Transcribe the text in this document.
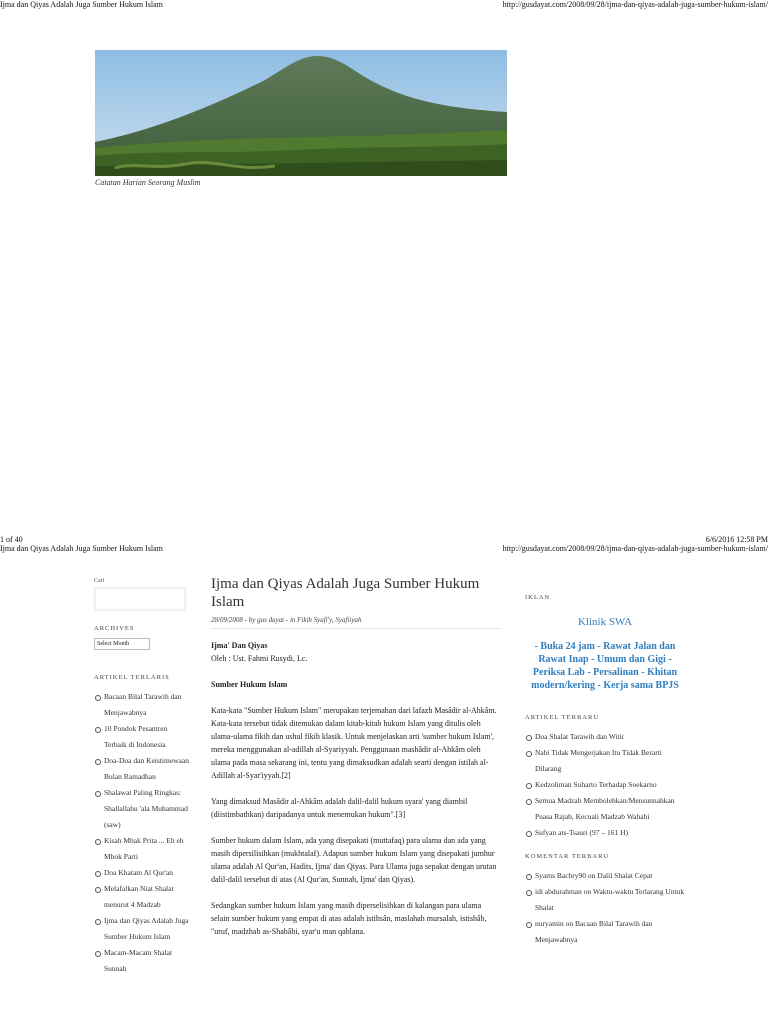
Ijma dan Qiyas Adalah Juga Sumber Hukum Islam	http://gusdayat.com/2008/09/28/ijma-dan-qiyas-adalah-juga-sumber-hukum-islam/
Catatan Harian Seorang Muslim
1 of 40	6/6/2016 12:58 PM
Ijma dan Qiyas Adalah Juga Sumber Hukum Islam	http://gusdayat.com/2008/09/28/ijma-dan-qiyas-adalah-juga-sumber-hukum-islam/
Cari
ARCHIVES
Select Month
ARTIKEL TERLARIS
Bacaan Bilal Tarawih dan Menjawabnya
10 Pondok Pesantren Terbaik di Indonesia
Doa-Doa dan Keistimewaan Bulan Ramadhan
Shalawat Paling Ringkas: Shallallahu 'ala Muhammad (saw)
Kisah Mbak Prita ... Eh eh Mbok Parti
Doa Khatam Al Qur'an
Melafalkan Niat Shalat menurut 4 Madzab
Ijma dan Qiyas Adalah Juga Sumber Hukum Islam
Macam-Macam Shalat Sunnah
Ijma dan Qiyas Adalah Juga Sumber Hukum Islam
28/09/2008 - by gus dayat - in Fikih Syafi'y, Syafiiyah
Ijma' Dan Qiyas

Oleh : Ust. Fahmi Rusydi, Lc.

Sumber Hukum Islam

Kata-kata "Sumber Hukum Islam" merupakan terjemahan dari lafazh Masâdir al-Ahkâm. Kata-kata tersebut tidak ditemukan dalam kitab-kitab hukum Islam yang ditulis oleh ulama-ulama fikih dan ushul fikih klasik. Untuk menjelaskan arti 'sumber hukum Islam', mereka menggunakan al-adillah al-Syariyyah. Penggunaan mashâdir al-Ahkâm oleh ulama pada masa sekarang ini, tentu yang dimaksudkan adalah searti dengan istilah al-Adillah al-Syar'iyyah.[2]

Yang dimaksud Masâdir al-Ahkâm adalah dalil-dalil hukum syara' yang diambil (diistimbathkan) daripadanya untuk menemukan hukum".[3]

Sumber hukum dalam Islam, ada yang disepakati (muttafaq) para ulama dan ada yang masih dipersilisihkan (mukhtalaf). Adapun sumber hukum Islam yang disepakati jumhur ulama adalah Al Qur'an, Hadits, Ijma' dan Qiyas. Para Ulama juga sepakat dengan urutan dalil-dalil tersebut di atas (Al Qur'an, Sunnah, Ijma' dan Qiyas).

Sedangkan sumber hukum Islam yang masih diperselisihkan di kalangan para ulama selain sumber hukum yang empat di atas adalah istihsân, maslahah mursalah, istishâb, "uruf, madzhab as-Shahâbi, syar'u man qablana.

IKLAN
Klinik SWA
- Buka 24 jam - Rawat Jalan dan Rawat Inap - Umum dan Gigi - Periksa Lab - Persalinan - Khitan modern/kering - Kerja sama BPJS
ARTIKEL TERBARU
Doa Shalat Tarawih dan Witir
Nabi Tidak Mengerjakan Itu Tidak Berarti Dilarang
Kedzoliman Suharto Terhadap Soekarno
Semua Madzab Membolehkan/Mensunnahkan Puasa Rajab, Kecuali Madzab Wahabi
Sufyan ats-Tsauri (97 – 161 H)
KOMENTAR TERBARU
Syams Bachry90 on Dalil Shalat Cepat
idi abdurahman on Waktu-waktu Terlarang Untuk Shalat
nuryamin on Bacaan Bilal Tarawih dan Menjawabnya
